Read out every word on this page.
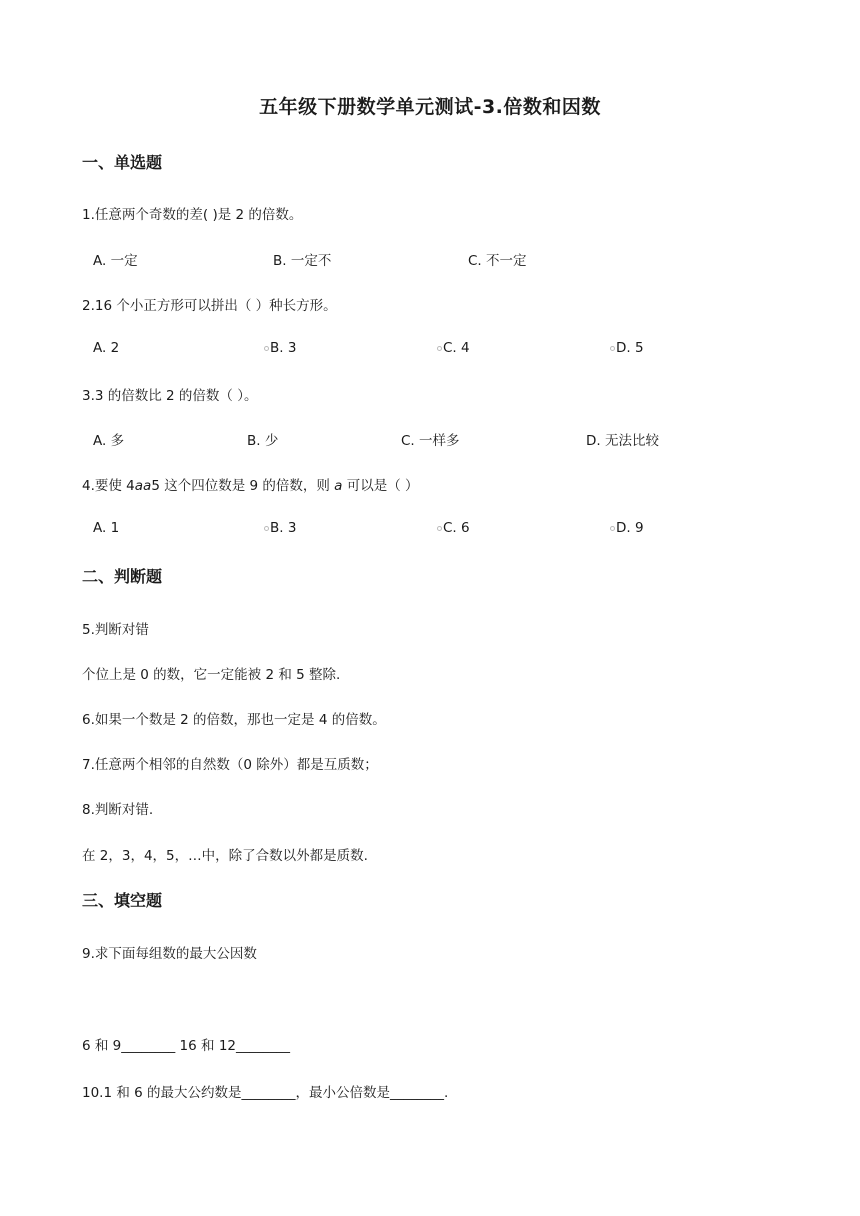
五年级下册数学单元测试-3.倍数和因数
一、单选题
1.任意两个奇数的差( )是 2 的倍数。
A. 一定	B. 一定不	C. 不一定
2.16 个小正方形可以拼出（ ）种长方形。
A. 2	B. 3	C. 4	D. 5
3.3 的倍数比 2 的倍数（ ）。
A. 多	B. 少	C. 一样多	D. 无法比较
4.要使 4aa5 这个四位数是 9 的倍数，则 a 可以是（ ）
A. 1	B. 3	C. 6	D. 9
二、判断题
5.判断对错
个位上是 0 的数，它一定能被 2 和 5 整除.
6.如果一个数是 2 的倍数，那也一定是 4 的倍数。
7.任意两个相邻的自然数（0 除外）都是互质数；
8.判断对错.
在 2，3，4，5，…中，除了合数以外都是质数.
三、填空题
9.求下面每组数的最大公因数
6 和 9________ 16 和 12________
10.1 和 6 的最大公约数是________，最小公倍数是________.
